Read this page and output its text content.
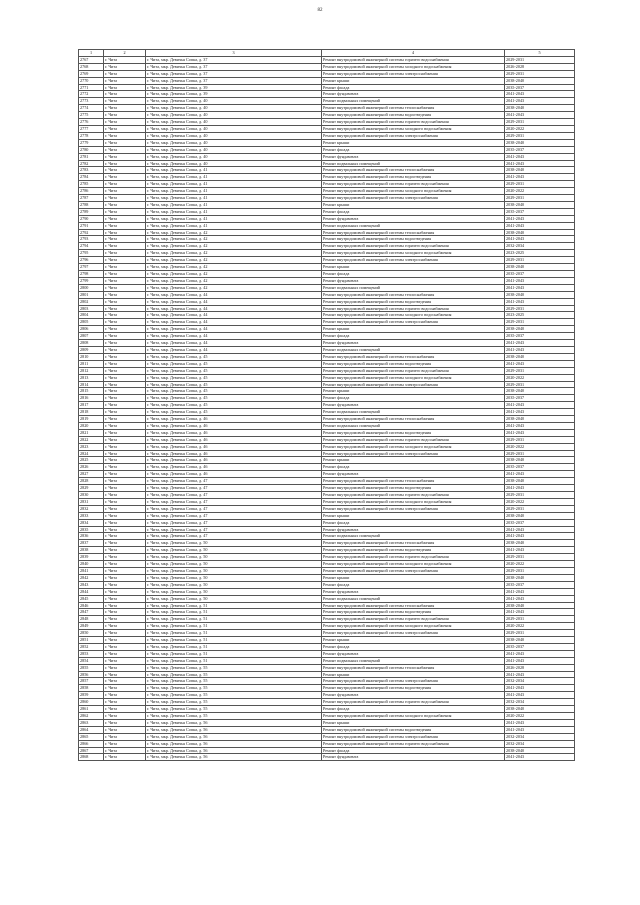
82
1	2	3	4	5
2767	г. Чита	г. Чита, мкр. Девичья Сопка, д. 37	Ремонт внутридомовой инженерной системы горячего водоснабжения	2029-2031
2768	г. Чита	г. Чита, мкр. Девичья Сопка, д. 37	Ремонт внутридомовой инженерной системы холодного водоснабжения	2026-2028
2769	г. Чита	г. Чита, мкр. Девичья Сопка, д. 37	Ремонт внутридомовой инженерной системы электроснабжения	2029-2031
2770	г. Чита	г. Чита, мкр. Девичья Сопка, д. 37	Ремонт крыши	2038-2040
2771	г. Чита	г. Чита, мкр. Девичья Сопка, д. 39	Ремонт фасада	2035-2037
2772	г. Чита	г. Чита, мкр. Девичья Сопка, д. 39	Ремонт фундамента	2041-2043
2773	г. Чита	г. Чита, мкр. Девичья Сопка, д. 40	Ремонт подвальных помещений	2041-2043
2774	г. Чита	г. Чита, мкр. Девичья Сопка, д. 40	Ремонт внутридомовой инженерной системы теплоснабжения	2038-2040
2775	г. Чита	г. Чита, мкр. Девичья Сопка, д. 40	Ремонт внутридомовой инженерной системы водоотведения	2041-2043
2776	г. Чита	г. Чита, мкр. Девичья Сопка, д. 40	Ремонт внутридомовой инженерной системы горячего водоснабжения	2029-2031
2777	г. Чита	г. Чита, мкр. Девичья Сопка, д. 40	Ремонт внутридомовой инженерной системы холодного водоснабжения	2020-2022
2778	г. Чита	г. Чита, мкр. Девичья Сопка, д. 40	Ремонт внутридомовой инженерной системы электроснабжения	2029-2031
2779	г. Чита	г. Чита, мкр. Девичья Сопка, д. 40	Ремонт крыши	2038-2040
2780	г. Чита	г. Чита, мкр. Девичья Сопка, д. 40	Ремонт фасада	2035-2037
2781	г. Чита	г. Чита, мкр. Девичья Сопка, д. 40	Ремонт фундамента	2041-2043
2782	г. Чита	г. Чита, мкр. Девичья Сопка, д. 40	Ремонт подвальных помещений	2041-2043
2783	г. Чита	г. Чита, мкр. Девичья Сопка, д. 41	Ремонт внутридомовой инженерной системы теплоснабжения	2038-2040
2784	г. Чита	г. Чита, мкр. Девичья Сопка, д. 41	Ремонт внутридомовой инженерной системы водоотведения	2041-2043
2785	г. Чита	г. Чита, мкр. Девичья Сопка, д. 41	Ремонт внутридомовой инженерной системы горячего водоснабжения	2029-2031
2786	г. Чита	г. Чита, мкр. Девичья Сопка, д. 41	Ремонт внутридомовой инженерной системы холодного водоснабжения	2020-2022
2787	г. Чита	г. Чита, мкр. Девичья Сопка, д. 41	Ремонт внутридомовой инженерной системы электроснабжения	2029-2031
2788	г. Чита	г. Чита, мкр. Девичья Сопка, д. 41	Ремонт крыши	2038-2040
2789	г. Чита	г. Чита, мкр. Девичья Сопка, д. 41	Ремонт фасада	2035-2037
2790	г. Чита	г. Чита, мкр. Девичья Сопка, д. 41	Ремонт фундамента	2041-2043
2791	г. Чита	г. Чита, мкр. Девичья Сопка, д. 41	Ремонт подвальных помещений	2041-2043
2792	г. Чита	г. Чита, мкр. Девичья Сопка, д. 42	Ремонт внутридомовой инженерной системы теплоснабжения	2038-2040
2793	г. Чита	г. Чита, мкр. Девичья Сопка, д. 42	Ремонт внутридомовой инженерной системы водоотведения	2041-2043
2794	г. Чита	г. Чита, мкр. Девичья Сопка, д. 42	Ремонт внутридомовой инженерной системы горячего водоснабжения	2032-2034
2795	г. Чита	г. Чита, мкр. Девичья Сопка, д. 42	Ремонт внутридомовой инженерной системы холодного водоснабжения	2023-2025
2796	г. Чита	г. Чита, мкр. Девичья Сопка, д. 42	Ремонт внутридомовой инженерной системы электроснабжения	2029-2031
2797	г. Чита	г. Чита, мкр. Девичья Сопка, д. 42	Ремонт крыши	2038-2040
2798	г. Чита	г. Чита, мкр. Девичья Сопка, д. 42	Ремонт фасада	2035-2037
2799	г. Чита	г. Чита, мкр. Девичья Сопка, д. 42	Ремонт фундамента	2041-2043
2800	г. Чита	г. Чита, мкр. Девичья Сопка, д. 42	Ремонт подвальных помещений	2041-2043
2801	г. Чита	г. Чита, мкр. Девичья Сопка, д. 44	Ремонт внутридомовой инженерной системы теплоснабжения	2038-2040
2802	г. Чита	г. Чита, мкр. Девичья Сопка, д. 44	Ремонт внутридомовой инженерной системы водоотведения	2041-2043
2803	г. Чита	г. Чита, мкр. Девичья Сопка, д. 44	Ремонт внутридомовой инженерной системы горячего водоснабжения	2029-2031
2804	г. Чита	г. Чита, мкр. Девичья Сопка, д. 44	Ремонт внутридомовой инженерной системы холодного водоснабжения	2023-2025
2805	г. Чита	г. Чита, мкр. Девичья Сопка, д. 44	Ремонт внутридомовой инженерной системы электроснабжения	2029-2031
2806	г. Чита	г. Чита, мкр. Девичья Сопка, д. 44	Ремонт крыши	2038-2040
2807	г. Чита	г. Чита, мкр. Девичья Сопка, д. 44	Ремонт фасада	2035-2037
2808	г. Чита	г. Чита, мкр. Девичья Сопка, д. 44	Ремонт фундамента	2041-2043
2809	г. Чита	г. Чита, мкр. Девичья Сопка, д. 44	Ремонт подвальных помещений	2041-2043
2810	г. Чита	г. Чита, мкр. Девичья Сопка, д. 45	Ремонт внутридомовой инженерной системы теплоснабжения	2038-2040
2811	г. Чита	г. Чита, мкр. Девичья Сопка, д. 45	Ремонт внутридомовой инженерной системы водоотведения	2041-2043
2812	г. Чита	г. Чита, мкр. Девичья Сопка, д. 45	Ремонт внутридомовой инженерной системы горячего водоснабжения	2029-2031
2813	г. Чита	г. Чита, мкр. Девичья Сопка, д. 45	Ремонт внутридомовой инженерной системы холодного водоснабжения	2020-2022
2814	г. Чита	г. Чита, мкр. Девичья Сопка, д. 45	Ремонт внутридомовой инженерной системы электроснабжения	2029-2031
2815	г. Чита	г. Чита, мкр. Девичья Сопка, д. 45	Ремонт крыши	2038-2040
2816	г. Чита	г. Чита, мкр. Девичья Сопка, д. 45	Ремонт фасада	2035-2037
2817	г. Чита	г. Чита, мкр. Девичья Сопка, д. 45	Ремонт фундамента	2041-2043
2818	г. Чита	г. Чита, мкр. Девичья Сопка, д. 45	Ремонт подвальных помещений	2041-2043
2819	г. Чита	г. Чита, мкр. Девичья Сопка, д. 46	Ремонт внутридомовой инженерной системы теплоснабжения	2038-2040
2820	г. Чита	г. Чита, мкр. Девичья Сопка, д. 46	Ремонт подвальных помещений	2041-2043
2821	г. Чита	г. Чита, мкр. Девичья Сопка, д. 46	Ремонт внутридомовой инженерной системы водоотведения	2041-2043
2822	г. Чита	г. Чита, мкр. Девичья Сопка, д. 46	Ремонт внутридомовой инженерной системы горячего водоснабжения	2029-2031
2823	г. Чита	г. Чита, мкр. Девичья Сопка, д. 46	Ремонт внутридомовой инженерной системы холодного водоснабжения	2020-2022
2824	г. Чита	г. Чита, мкр. Девичья Сопка, д. 46	Ремонт внутридомовой инженерной системы электроснабжения	2029-2031
2825	г. Чита	г. Чита, мкр. Девичья Сопка, д. 46	Ремонт крыши	2038-2040
2826	г. Чита	г. Чита, мкр. Девичья Сопка, д. 46	Ремонт фасада	2035-2037
2827	г. Чита	г. Чита, мкр. Девичья Сопка, д. 46	Ремонт фундамента	2041-2043
2828	г. Чита	г. Чита, мкр. Девичья Сопка, д. 47	Ремонт внутридомовой инженерной системы теплоснабжения	2038-2040
2829	г. Чита	г. Чита, мкр. Девичья Сопка, д. 47	Ремонт внутридомовой инженерной системы водоотведения	2041-2043
2830	г. Чита	г. Чита, мкр. Девичья Сопка, д. 47	Ремонт внутридомовой инженерной системы горячего водоснабжения	2029-2031
2831	г. Чита	г. Чита, мкр. Девичья Сопка, д. 47	Ремонт внутридомовой инженерной системы холодного водоснабжения	2020-2022
2832	г. Чита	г. Чита, мкр. Девичья Сопка, д. 47	Ремонт внутридомовой инженерной системы электроснабжения	2029-2031
2833	г. Чита	г. Чита, мкр. Девичья Сопка, д. 47	Ремонт крыши	2038-2040
2834	г. Чита	г. Чита, мкр. Девичья Сопка, д. 47	Ремонт фасада	2035-2037
2835	г. Чита	г. Чита, мкр. Девичья Сопка, д. 47	Ремонт фундамента	2041-2043
2836	г. Чита	г. Чита, мкр. Девичья Сопка, д. 47	Ремонт подвальных помещений	2041-2043
2837	г. Чита	г. Чита, мкр. Девичья Сопка, д. 50	Ремонт внутридомовой инженерной системы теплоснабжения	2038-2040
2838	г. Чита	г. Чита, мкр. Девичья Сопка, д. 50	Ремонт внутридомовой инженерной системы водоотведения	2041-2043
2839	г. Чита	г. Чита, мкр. Девичья Сопка, д. 50	Ремонт внутридомовой инженерной системы горячего водоснабжения	2029-2031
2840	г. Чита	г. Чита, мкр. Девичья Сопка, д. 50	Ремонт внутридомовой инженерной системы холодного водоснабжения	2020-2022
2841	г. Чита	г. Чита, мкр. Девичья Сопка, д. 50	Ремонт внутридомовой инженерной системы электроснабжения	2029-2031
2842	г. Чита	г. Чита, мкр. Девичья Сопка, д. 50	Ремонт крыши	2038-2040
2843	г. Чита	г. Чита, мкр. Девичья Сопка, д. 50	Ремонт фасада	2035-2037
2844	г. Чита	г. Чита, мкр. Девичья Сопка, д. 50	Ремонт фундамента	2041-2043
2845	г. Чита	г. Чита, мкр. Девичья Сопка, д. 50	Ремонт подвальных помещений	2041-2043
2846	г. Чита	г. Чита, мкр. Девичья Сопка, д. 51	Ремонт внутридомовой инженерной системы теплоснабжения	2038-2040
2847	г. Чита	г. Чита, мкр. Девичья Сопка, д. 51	Ремонт внутридомовой инженерной системы водоотведения	2041-2043
2848	г. Чита	г. Чита, мкр. Девичья Сопка, д. 51	Ремонт внутридомовой инженерной системы горячего водоснабжения	2029-2031
2849	г. Чита	г. Чита, мкр. Девичья Сопка, д. 51	Ремонт внутридомовой инженерной системы холодного водоснабжения	2020-2022
2850	г. Чита	г. Чита, мкр. Девичья Сопка, д. 51	Ремонт внутридомовой инженерной системы электроснабжения	2029-2031
2851	г. Чита	г. Чита, мкр. Девичья Сопка, д. 51	Ремонт крыши	2038-2040
2852	г. Чита	г. Чита, мкр. Девичья Сопка, д. 51	Ремонт фасада	2035-2037
2853	г. Чита	г. Чита, мкр. Девичья Сопка, д. 51	Ремонт фундамента	2041-2043
2854	г. Чита	г. Чита, мкр. Девичья Сопка, д. 51	Ремонт подвальных помещений	2041-2043
2855	г. Чита	г. Чита, мкр. Девичья Сопка, д. 55	Ремонт внутридомовой инженерной системы теплоснабжения	2026-2028
2856	г. Чита	г. Чита, мкр. Девичья Сопка, д. 55	Ремонт крыши	2041-2043
2857	г. Чита	г. Чита, мкр. Девичья Сопка, д. 55	Ремонт внутридомовой инженерной системы электроснабжения	2032-2034
2858	г. Чита	г. Чита, мкр. Девичья Сопка, д. 55	Ремонт внутридомовой инженерной системы водоотведения	2041-2043
2859	г. Чита	г. Чита, мкр. Девичья Сопка, д. 55	Ремонт фундамента	2041-2043
2860	г. Чита	г. Чита, мкр. Девичья Сопка, д. 55	Ремонт внутридомовой инженерной системы горячего водоснабжения	2032-2034
2861	г. Чита	г. Чита, мкр. Девичья Сопка, д. 55	Ремонт фасада	2038-2040
2862	г. Чита	г. Чита, мкр. Девичья Сопка, д. 55	Ремонт внутридомовой инженерной системы холодного водоснабжения	2020-2022
2863	г. Чита	г. Чита, мкр. Девичья Сопка, д. 56	Ремонт крыши	2041-2043
2864	г. Чита	г. Чита, мкр. Девичья Сопка, д. 56	Ремонт внутридомовой инженерной системы водоотведения	2041-2043
2865	г. Чита	г. Чита, мкр. Девичья Сопка, д. 56	Ремонт внутридомовой инженерной системы электроснабжения	2032-2034
2866	г. Чита	г. Чита, мкр. Девичья Сопка, д. 56	Ремонт внутридомовой инженерной системы горячего водоснабжения	2032-2034
2867	г. Чита	г. Чита, мкр. Девичья Сопка, д. 56	Ремонт фасада	2038-2040
2868	г. Чита	г. Чита, мкр. Девичья Сопка, д. 56	Ремонт фундамента	2041-2043
